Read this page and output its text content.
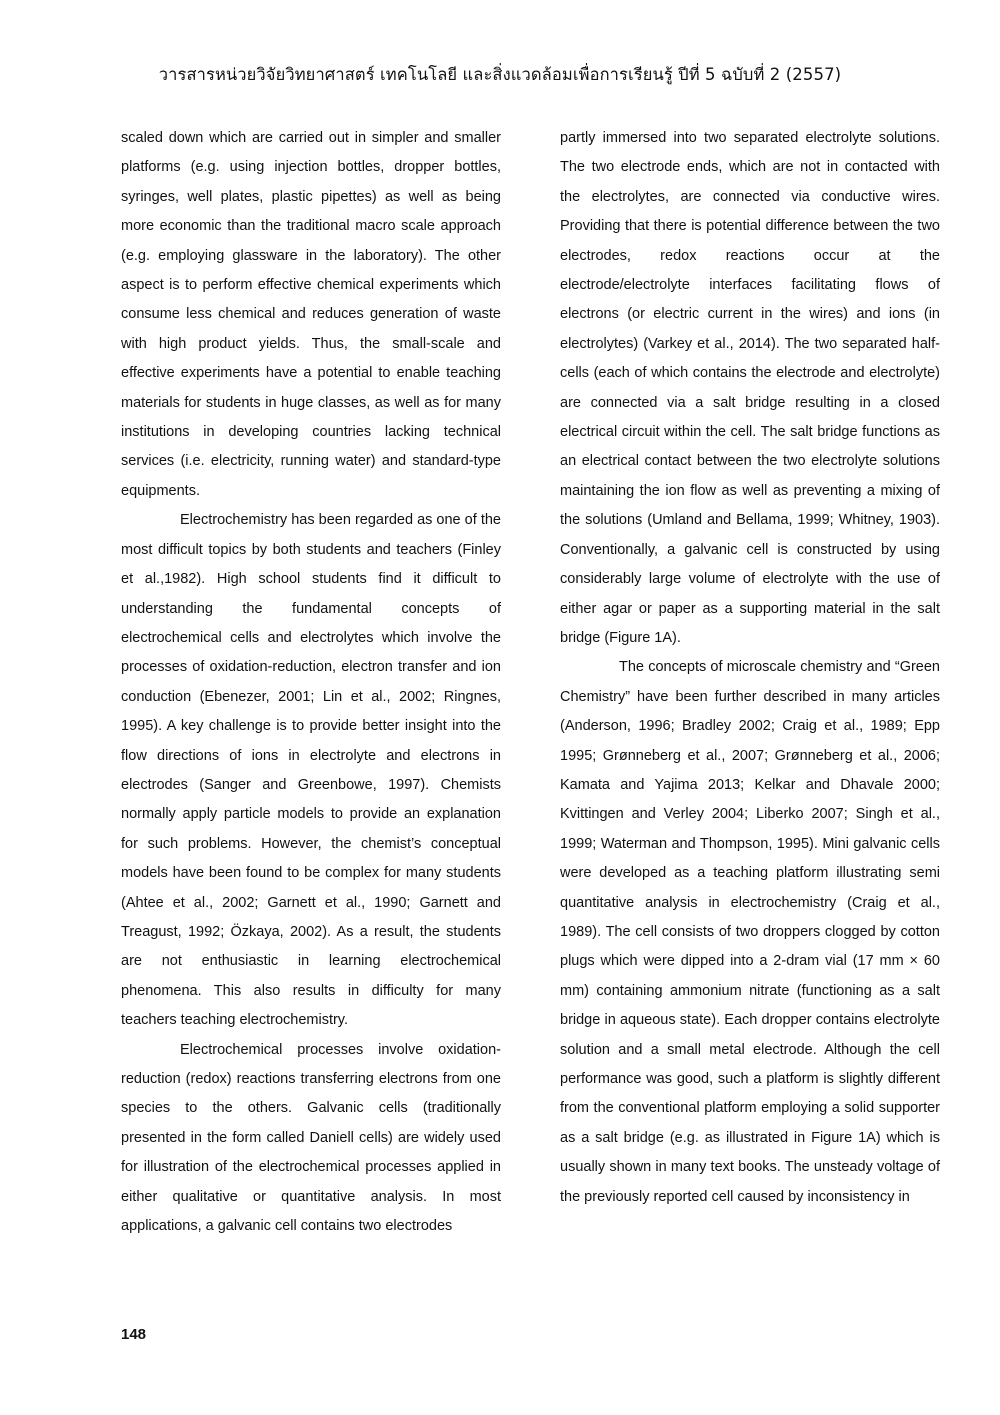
วารสารหน่วยวิจัยวิทยาศาสตร์ เทคโนโลยี และสิ่งแวดล้อมเพื่อการเรียนรู้ ปีที่ 5 ฉบับที่ 2 (2557)

scaled down which are carried out in simpler and smaller platforms (e.g. using injection bottles, dropper bottles, syringes, well plates, plastic pipettes) as well as being more economic than the traditional macro scale approach (e.g. employing glassware in the laboratory). The other aspect is to perform effective chemical experiments which consume less chemical and reduces generation of waste with high product yields. Thus, the small-scale and effective experiments have a potential to enable teaching materials for students in huge classes, as well as for many institutions in developing countries lacking technical services (i.e. electricity, running water) and standard-type equipments.

Electrochemistry has been regarded as one of the most difficult topics by both students and teachers (Finley et al.,1982). High school students find it difficult to understanding the fundamental concepts of electrochemical cells and electrolytes which involve the processes of oxidation-reduction, electron transfer and ion conduction (Ebenezer, 2001; Lin et al., 2002; Ringnes, 1995). A key challenge is to provide better insight into the flow directions of ions in electrolyte and electrons in electrodes (Sanger and Greenbowe, 1997). Chemists normally apply particle models to provide an explanation for such problems. However, the chemist’s conceptual models have been found to be complex for many students (Ahtee et al., 2002; Garnett et al., 1990; Garnett and Treagust, 1992; Özkaya, 2002). As a result, the students are not enthusiastic in learning electrochemical phenomena. This also results in difficulty for many teachers teaching electrochemistry.

Electrochemical processes involve oxidation-reduction (redox) reactions transferring electrons from one species to the others. Galvanic cells (traditionally presented in the form called Daniell cells) are widely used for illustration of the electrochemical processes applied in either qualitative or quantitative analysis. In most applications, a galvanic cell contains two electrodes

partly immersed into two separated electrolyte solutions. The two electrode ends, which are not in contacted with the electrolytes, are connected via conductive wires. Providing that there is potential difference between the two electrodes, redox reactions occur at the electrode/electrolyte interfaces facilitating flows of electrons (or electric current in the wires) and ions (in electrolytes) (Varkey et al., 2014). The two separated half-cells (each of which contains the electrode and electrolyte) are connected via a salt bridge resulting in a closed electrical circuit within the cell. The salt bridge functions as an electrical contact between the two electrolyte solutions maintaining the ion flow as well as preventing a mixing of the solutions (Umland and Bellama, 1999; Whitney, 1903). Conventionally, a galvanic cell is constructed by using considerably large volume of electrolyte with the use of either agar or paper as a supporting material in the salt bridge (Figure 1A).

The concepts of microscale chemistry and “Green Chemistry” have been further described in many articles (Anderson, 1996; Bradley 2002; Craig et al., 1989; Epp 1995; Grønneberg et al., 2007; Grønneberg et al., 2006; Kamata and Yajima 2013; Kelkar and Dhavale 2000; Kvittingen and Verley 2004; Liberko 2007; Singh et al., 1999; Waterman and Thompson, 1995). Mini galvanic cells were developed as a teaching platform illustrating semi quantitative analysis in electrochemistry (Craig et al., 1989). The cell consists of two droppers clogged by cotton plugs which were dipped into a 2-dram vial (17 mm × 60 mm) containing ammonium nitrate (functioning as a salt bridge in aqueous state). Each dropper contains electrolyte solution and a small metal electrode. Although the cell performance was good, such a platform is slightly different from the conventional platform employing a solid supporter as a salt bridge (e.g. as illustrated in Figure 1A) which is usually shown in many text books. The unsteady voltage of the previously reported cell caused by inconsistency in

148
